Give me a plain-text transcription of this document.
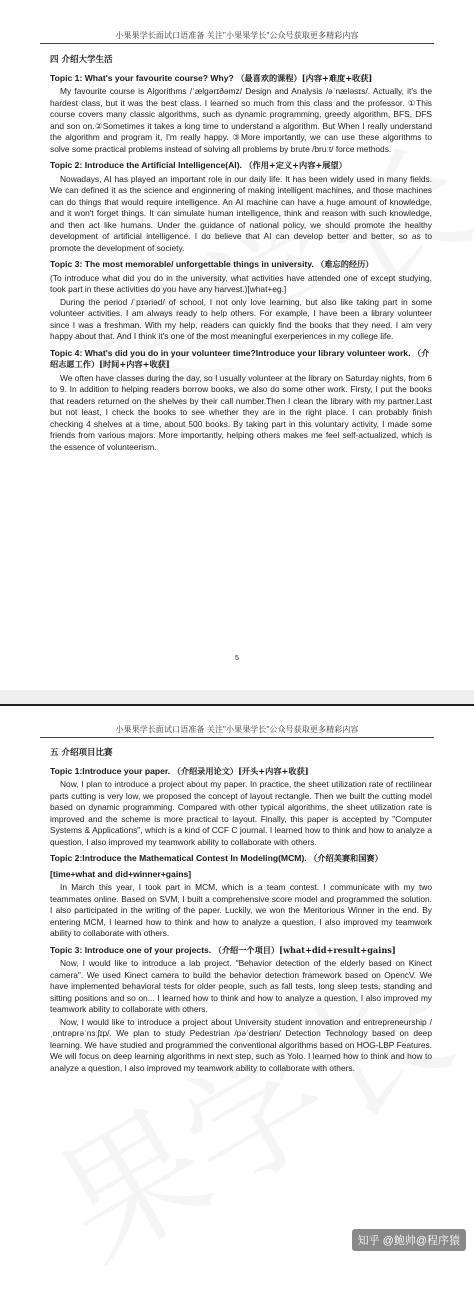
小果果学长面试口语准备 关注"小果果学长"公众号获取更多精彩内容
四 介绍大学生活
Topic 1: What's your favourite course? Why? （最喜欢的课程）[内容+难度+收获]

My favourite course is Algorithms /ˈælɡərɪðəmz/ Design and Analysis /əˈnæləsɪs/. Actually, it's the hardest class, but it was the best class. I learned so much from this class and the professor. ①This course covers many classic algorithms, such as dynamic programming, greedy algorithm, BFS, DFS and son on.②Sometimes it takes a long time to understand a algorithm. But When I really understand the algorithm and program it, I'm really happy. ③More importantly, we can use these algorithms to solve some practical problems instead of solving all problems by brute /bruːt/ force methods.

Topic 2: Introduce the Artificial Intelligence(AI). （作用+定义+内容+展望）

Nowadays, AI has played an important role in our daily life. It has been widely used in many fields. We can defined it as the science and enginnering of making intelligent machines, and those machines can do things that would require intelligence. An AI machine can have a huge amount of knowledge, and it won't forget things. It can simulate human intelligence, think and reason with such knowledge, and then act like humans. Under the guidance of national policy, we should promote the healthy development of artificial intelligence. I do believe that AI can develop better and better, so as to promote the development of society.

Topic 3: The most memorable/ unforgettable things in university. （难忘的经历）

(To introduce what did you do in the university, what activities have attended one of except studying, took part in these activities do you have any harvest.)[what+eg.]

During the period /ˈpɪəriəd/ of school, I not only love learning, but also like taking part in some volunteer activities. I am always ready to help others. For example, I have been a library volunteer since I was a freshman. With my help, readers can quickly find the books that they need. I am very happy about that. And I think it's one of the most meaningful exerperiences in my college life.

Topic 4: What's did you do in your volunteer time?Introduce your library volunteer work. （介绍志愿工作）[时间+内容+收获]

We often have classes during the day, so I usually volunteer at the library on Saturday nights, from 6 to 9. In addition to helping readers borrow books, we also do some other work. Firsty, I put the books that readers returned on the shelves by their call number.Then I clean the library with my partner.Last but not least, I check the books to see whether they are in the right place. I can probably finish checking 4 shelves at a time, about 500 books. By taking part in this voluntary activity, I made some friends from various majors. More importantly, helping others makes me feel self-actualized, which is the essence of volunteerism.

5
小果果学长面试口语准备 关注"小果果学长"公众号获取更多精彩内容
五 介绍项目比赛
Topic 1:Introduce your paper. （介绍录用论文）[开头+内容+收获]

Now, I plan to introduce a project about my paper. In practice, the sheet utilization rate of rectilinear parts cutting is very low, we proposed the concept of layout rectangle. Then we built the cutting model based on dynamic programming. Compared with other typical algorithms, the sheet utilization rate is improved and the scheme is more practical to layout. Finally, this paper is accepted by "Computer Systems & Applications", which is a kind of CCF C journal. I learned how to think and how to analyze a question, I also improved my teamwork ability to collaborate with others.

Topic 2:Introduce the Mathematical Contest In Modeling(MCM). （介绍美赛和国赛）
[time+what and did+winner+gains]

In March this year, I took part in MCM, which is a team contest. I communicate with my two teammates online. Based on SVM, I built a comprehensive score model and programmed the solution. I also participated in the writing of the paper. Luckily, we won the Meritorious Winner in the end. By entering MCM, I learned how to think and how to analyze a question, I also improved my teamwork ability to collaborate with others.

Topic 3: Introduce one of your projects. （介绍一个项目）[what+did+result+gains]

Now, I would like to introduce a lab project. "Behavior detection of the elderly based on Kinect camera". We used Kinect camera to build the behavior detection framework based on OpencV. We have implemented behavioral tests for older people, such as fall tests, long sleep tests, standing and sitting positions and so on... I learned how to think and how to analyze a question, I also improved my teamwork ability to collaborate with others.

Now, I would like to introduce a project about University student innovation and entrepreneurship /ˌɒntrəprəˈnɜːʃɪp/. We plan to study Pedestrian /pəˈdestriən/ Detection Technology based on deep learning. We have studied and programmed the conventional algorithms based on HOG-LBP Features. We will focus on deep learning algorithms in next step, such as Yolo. I learned how to think and how to analyze a question, I also improved my teamwork ability to collaborate with others.

知乎 @鲍帅@程序猿
